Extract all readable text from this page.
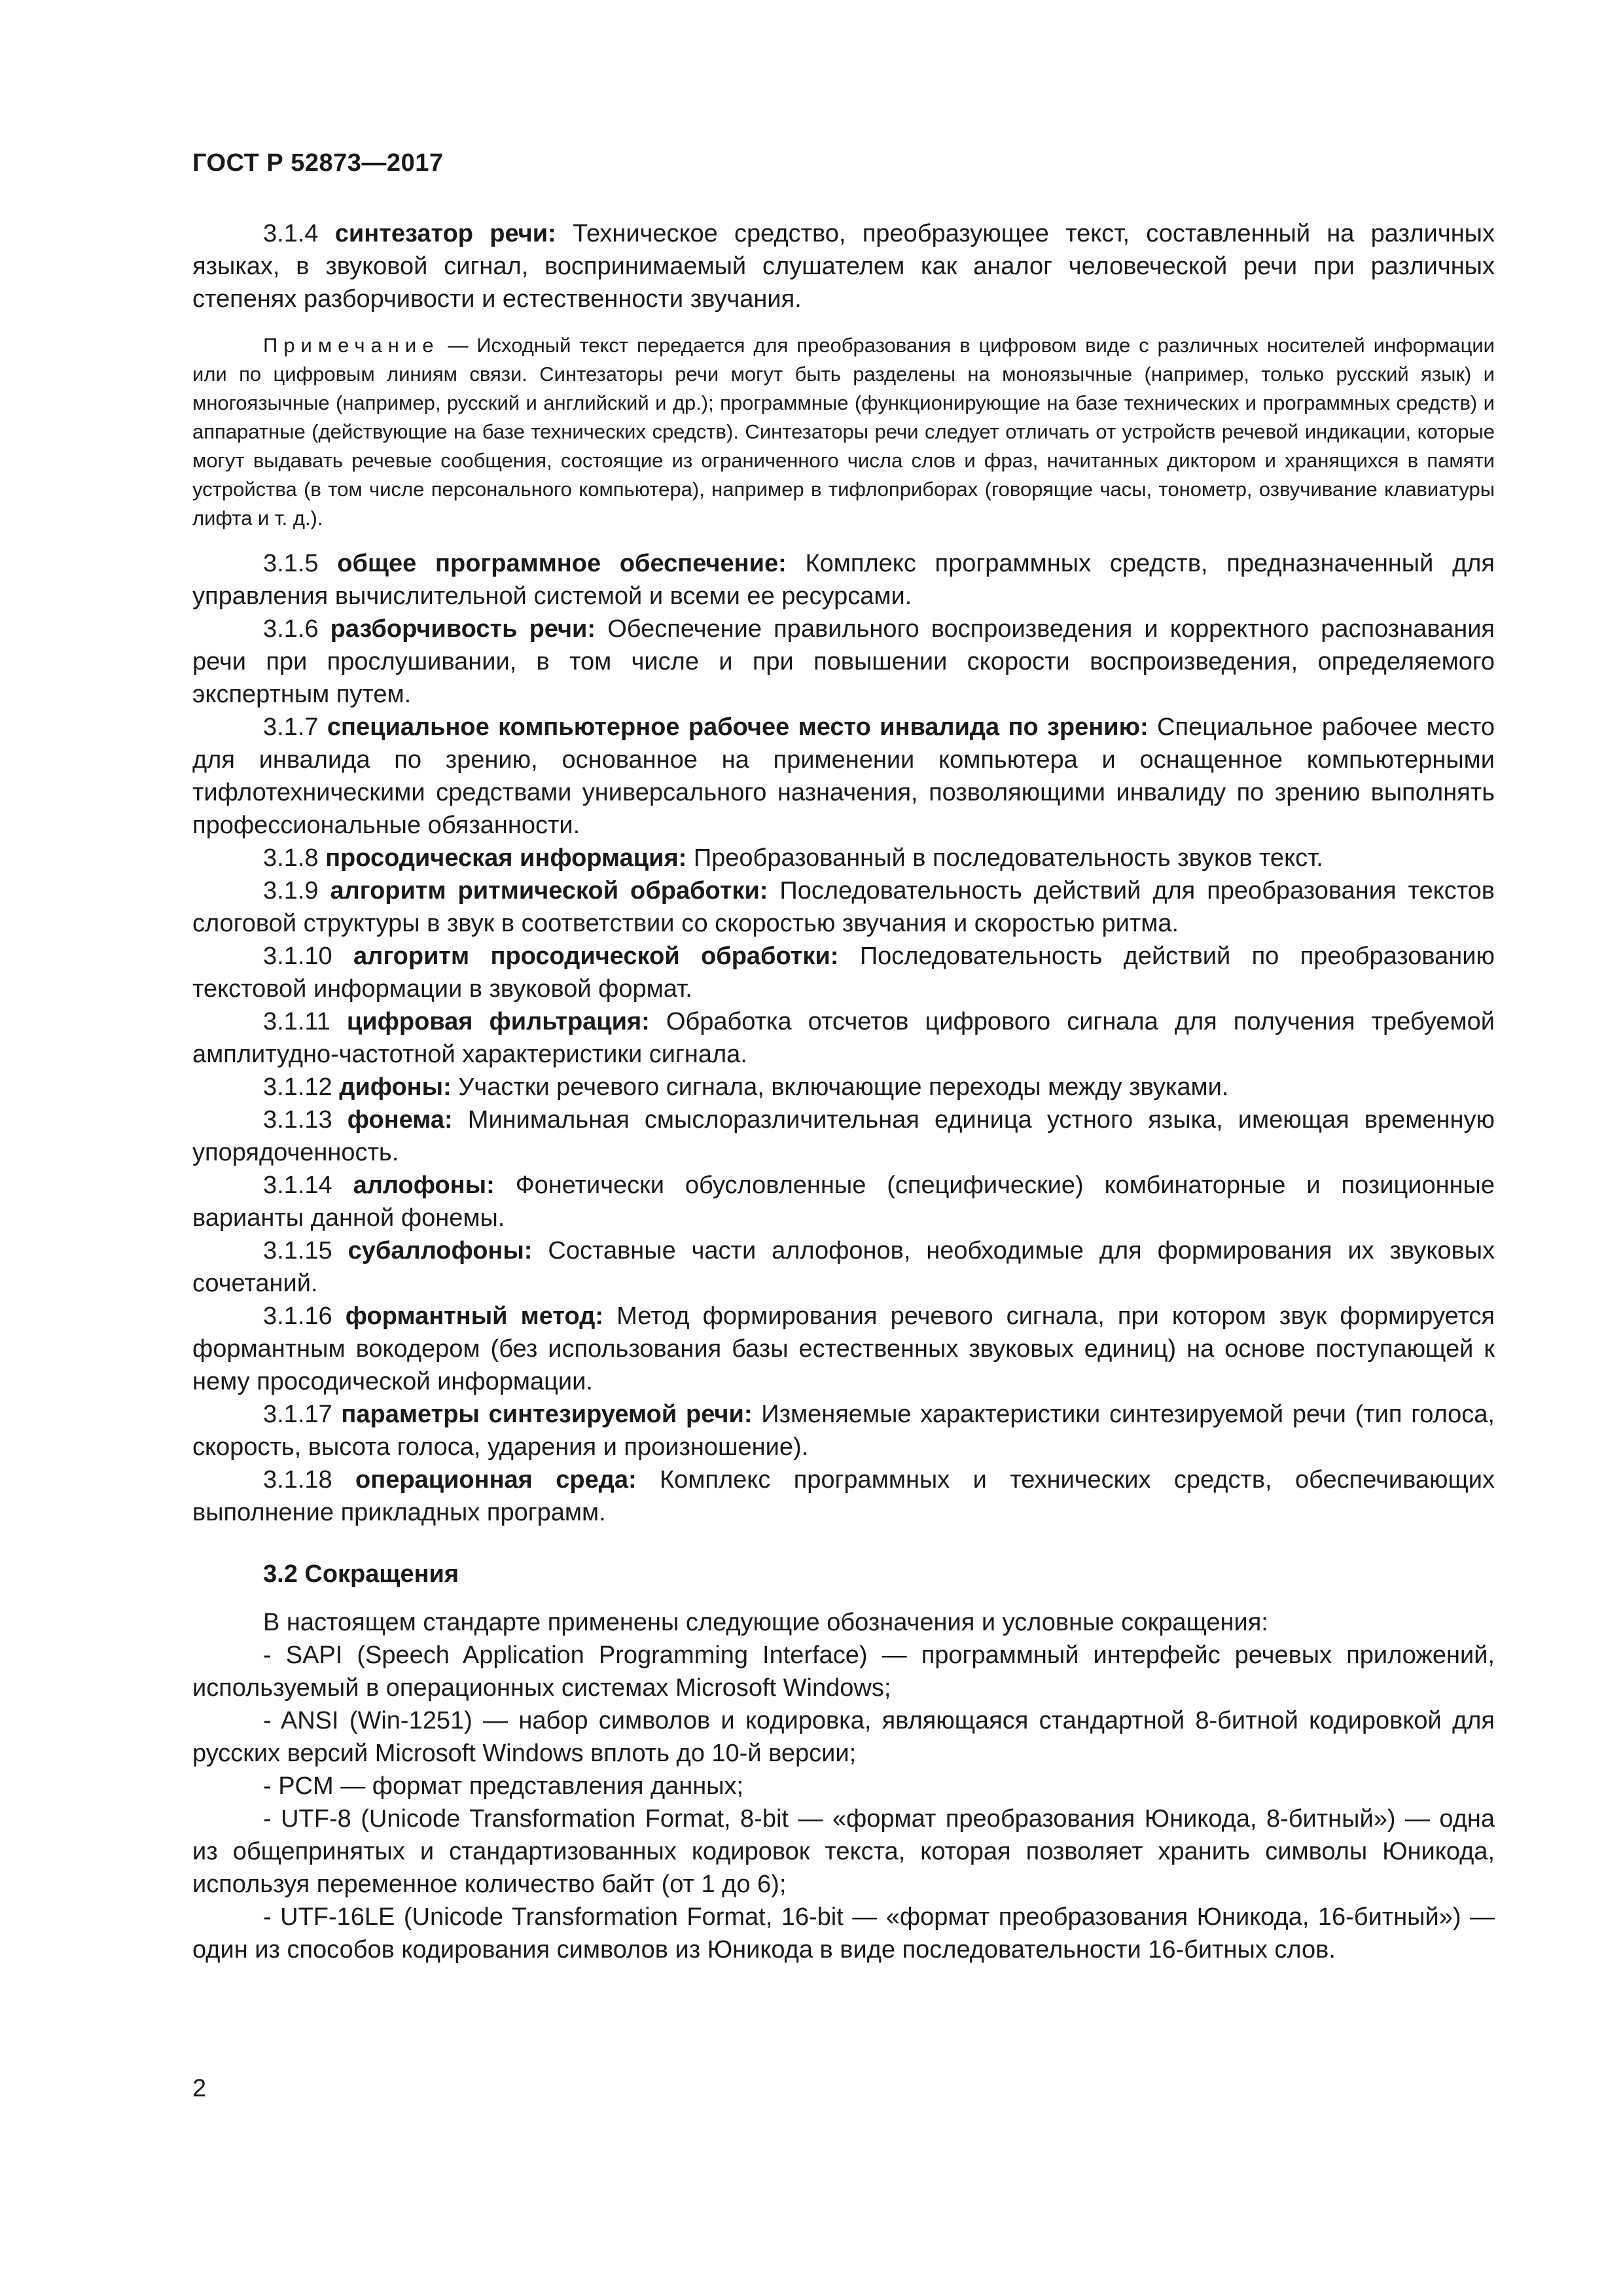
ГОСТ Р 52873—2017

3.1.4 синтезатор речи: Техническое средство, преобразующее текст, составленный на различных языках, в звуковой сигнал, воспринимаемый слушателем как аналог человеческой речи при различных степенях разборчивости и естественности звучания.

Примечание — Исходный текст передается для преобразования в цифровом виде с различных носителей информации или по цифровым линиям связи. Синтезаторы речи могут быть разделены на моноязычные (например, только русский язык) и многоязычные (например, русский и английский и др.); программные (функционирующие на базе технических и программных средств) и аппаратные (действующие на базе технических средств). Синтезаторы речи следует отличать от устройств речевой индикации, которые могут выдавать речевые сообщения, состоящие из ограниченного числа слов и фраз, начитанных диктором и хранящихся в памяти устройства (в том числе персонального компьютера), например в тифлоприборах (говорящие часы, тонометр, озвучивание клавиатуры лифта и т. д.).

3.1.5 общее программное обеспечение: Комплекс программных средств, предназначенный для управления вычислительной системой и всеми ее ресурсами.

3.1.6 разборчивость речи: Обеспечение правильного воспроизведения и корректного распознавания речи при прослушивании, в том числе и при повышении скорости воспроизведения, определяемого экспертным путем.

3.1.7 специальное компьютерное рабочее место инвалида по зрению: Специальное рабочее место для инвалида по зрению, основанное на применении компьютера и оснащенное компьютерными тифлотехническими средствами универсального назначения, позволяющими инвалиду по зрению выполнять профессиональные обязанности.

3.1.8 просодическая информация: Преобразованный в последовательность звуков текст.

3.1.9 алгоритм ритмической обработки: Последовательность действий для преобразования текстов слоговой структуры в звук в соответствии со скоростью звучания и скоростью ритма.

3.1.10 алгоритм просодической обработки: Последовательность действий по преобразованию текстовой информации в звуковой формат.

3.1.11 цифровая фильтрация: Обработка отсчетов цифрового сигнала для получения требуемой амплитудно-частотной характеристики сигнала.

3.1.12 дифоны: Участки речевого сигнала, включающие переходы между звуками.

3.1.13 фонема: Минимальная смыслоразличительная единица устного языка, имеющая временную упорядоченность.

3.1.14 аллофоны: Фонетически обусловленные (специфические) комбинаторные и позиционные варианты данной фонемы.

3.1.15 субаллофоны: Составные части аллофонов, необходимые для формирования их звуковых сочетаний.

3.1.16 формантный метод: Метод формирования речевого сигнала, при котором звук формируется формантным вокодером (без использования базы естественных звуковых единиц) на основе поступающей к нему просодической информации.

3.1.17 параметры синтезируемой речи: Изменяемые характеристики синтезируемой речи (тип голоса, скорость, высота голоса, ударения и произношение).

3.1.18 операционная среда: Комплекс программных и технических средств, обеспечивающих выполнение прикладных программ.

3.2 Сокращения

В настоящем стандарте применены следующие обозначения и условные сокращения:

- SAPI (Speech Application Programming Interface) — программный интерфейс речевых приложений, используемый в операционных системах Microsoft Windows;

- ANSI (Win-1251) — набор символов и кодировка, являющаяся стандартной 8-битной кодировкой для русских версий Microsoft Windows вплоть до 10-й версии;

- PCM — формат представления данных;

- UTF-8 (Unicode Transformation Format, 8-bit — «формат преобразования Юникода, 8-битный») — одна из общепринятых и стандартизованных кодировок текста, которая позволяет хранить символы Юникода, используя переменное количество байт (от 1 до 6);

- UTF-16LE (Unicode Transformation Format, 16-bit — «формат преобразования Юникода, 16-битный») — один из способов кодирования символов из Юникода в виде последовательности 16-битных слов.

2
